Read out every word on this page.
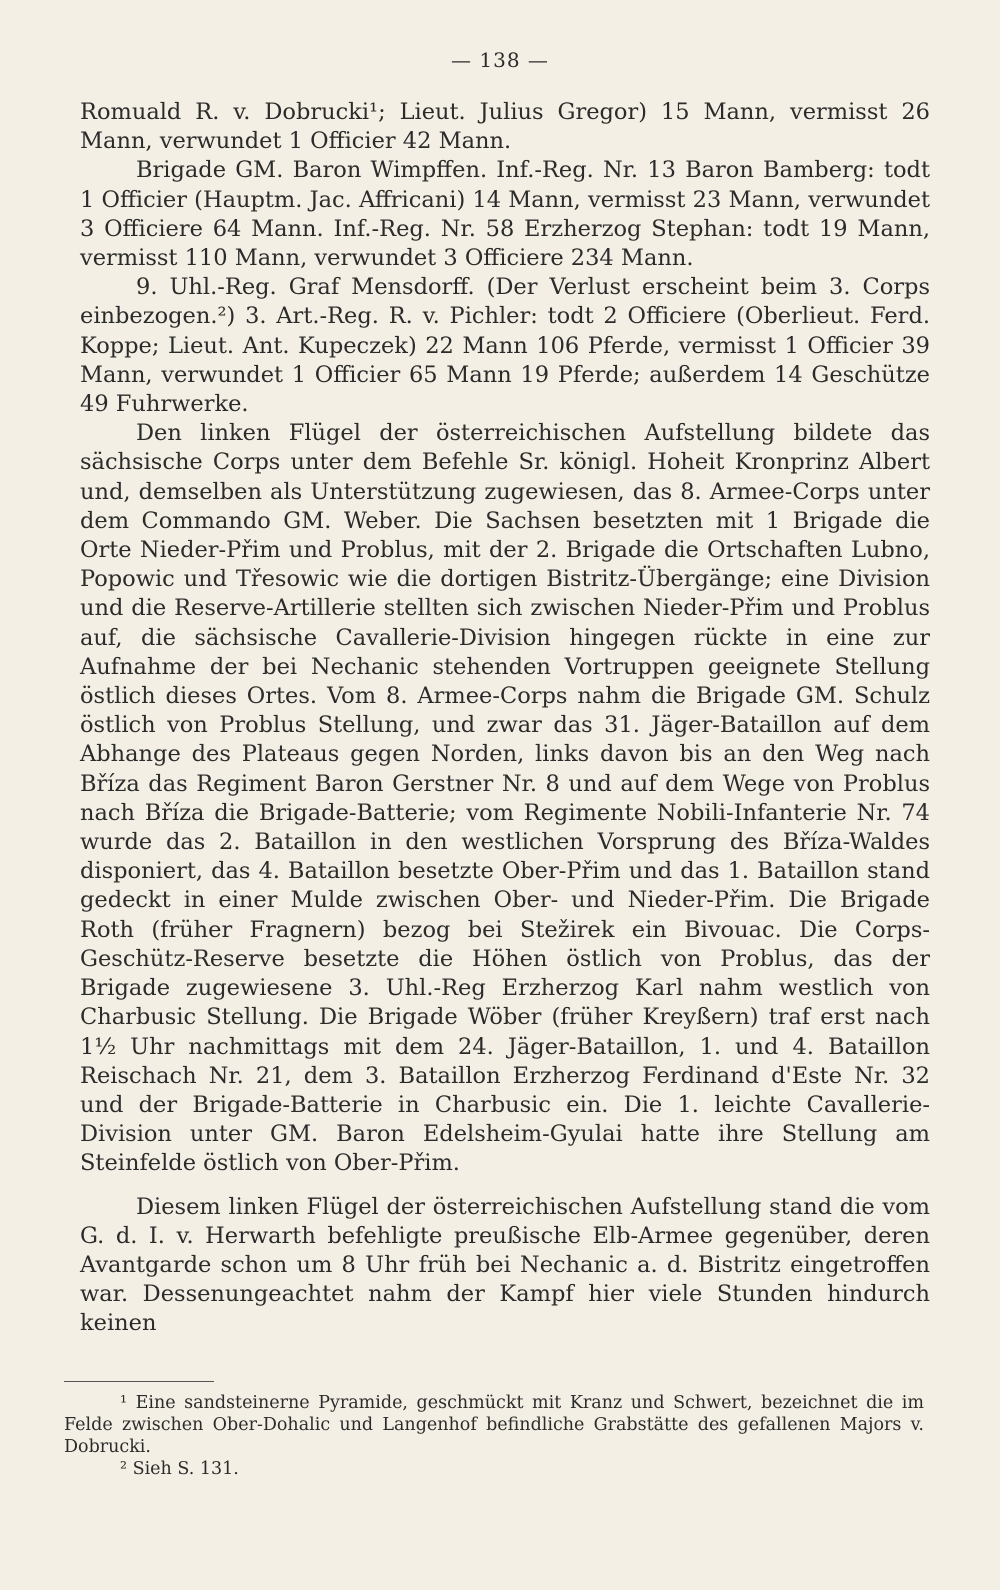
— 138 —

Romuald R. v. Dobrucki¹; Lieut. Julius Gregor) 15 Mann, vermisst 26 Mann, verwundet 1 Officier 42 Mann.

Brigade GM. Baron Wimpffen. Inf.-Reg. Nr. 13 Baron Bamberg: todt 1 Officier (Hauptm. Jac. Affricani) 14 Mann, vermisst 23 Mann, verwundet 3 Officiere 64 Mann. Inf.-Reg. Nr. 58 Erzherzog Stephan: todt 19 Mann, vermisst 110 Mann, verwundet 3 Officiere 234 Mann.

9. Uhl.-Reg. Graf Mensdorff. (Der Verlust erscheint beim 3. Corps einbezogen.²) 3. Art.-Reg. R. v. Pichler: todt 2 Officiere (Oberlieut. Ferd. Koppe; Lieut. Ant. Kupeczek) 22 Mann 106 Pferde, vermisst 1 Officier 39 Mann, verwundet 1 Officier 65 Mann 19 Pferde; außerdem 14 Geschütze 49 Fuhrwerke.

Den linken Flügel der österreichischen Aufstellung bildete das sächsische Corps unter dem Befehle Sr. königl. Hoheit Kronprinz Albert und, demselben als Unterstützung zugewiesen, das 8. Armee-Corps unter dem Commando GM. Weber. Die Sachsen besetzten mit 1 Brigade die Orte Nieder-Přim und Problus, mit der 2. Brigade die Ortschaften Lubno, Popowic und Třesowic wie die dortigen Bistritz-Übergänge; eine Division und die Reserve-Artillerie stellten sich zwischen Nieder-Přim und Problus auf, die sächsische Cavallerie-Division hingegen rückte in eine zur Aufnahme der bei Nechanic stehenden Vortruppen geeignete Stellung östlich dieses Ortes. Vom 8. Armee-Corps nahm die Brigade GM. Schulz östlich von Problus Stellung, und zwar das 31. Jäger-Bataillon auf dem Abhange des Plateaus gegen Norden, links davon bis an den Weg nach Bříza das Regiment Baron Gerstner Nr. 8 und auf dem Wege von Problus nach Bříza die Brigade-Batterie; vom Regimente Nobili-Infanterie Nr. 74 wurde das 2. Bataillon in den westlichen Vorsprung des Bříza-Waldes disponiert, das 4. Bataillon besetzte Ober-Přim und das 1. Bataillon stand gedeckt in einer Mulde zwischen Ober- und Nieder-Přim. Die Brigade Roth (früher Fragnern) bezog bei Stežirek ein Bivouac. Die Corps-Geschütz-Reserve besetzte die Höhen östlich von Problus, das der Brigade zugewiesene 3. Uhl.-Reg Erzherzog Karl nahm westlich von Charbusic Stellung. Die Brigade Wöber (früher Kreyßern) traf erst nach 1½ Uhr nachmittags mit dem 24. Jäger-Bataillon, 1. und 4. Bataillon Reischach Nr. 21, dem 3. Bataillon Erzherzog Ferdinand d'Este Nr. 32 und der Brigade-Batterie in Charbusic ein. Die 1. leichte Cavallerie-Division unter GM. Baron Edelsheim-Gyulai hatte ihre Stellung am Steinfelde östlich von Ober-Přim.

Diesem linken Flügel der österreichischen Aufstellung stand die vom G. d. I. v. Herwarth befehligte preußische Elb-Armee gegenüber, deren Avantgarde schon um 8 Uhr früh bei Nechanic a. d. Bistritz eingetroffen war. Dessenungeachtet nahm der Kampf hier viele Stunden hindurch keinen

¹ Eine sandsteinerne Pyramide, geschmückt mit Kranz und Schwert, bezeichnet die im Felde zwischen Ober-Dohalic und Langenhof befindliche Grabstätte des gefallenen Majors v. Dobrucki.

² Sieh S. 131.
